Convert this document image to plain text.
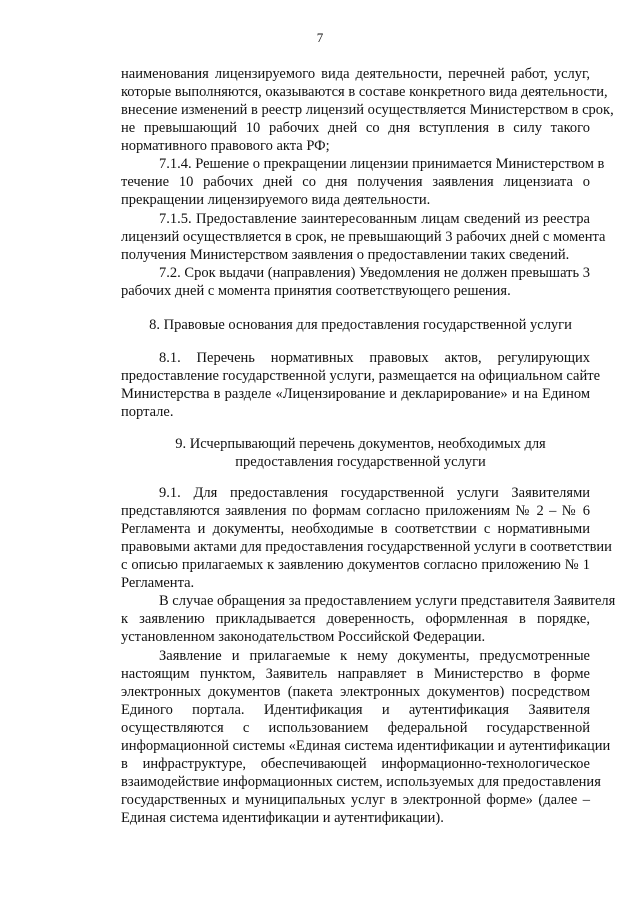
7
наименования лицензируемого вида деятельности, перечней работ, услуг,
которые выполняются, оказываются в составе конкретного вида деятельности,
внесение изменений в реестр лицензий осуществляется Министерством в срок,
не превышающий 10 рабочих дней со дня вступления в силу такого
нормативного правового акта РФ;
7.1.4. Решение о прекращении лицензии принимается Министерством в
течение 10 рабочих дней со дня получения заявления лицензиата о
прекращении лицензируемого вида деятельности.
7.1.5. Предоставление заинтересованным лицам сведений из реестра
лицензий осуществляется в срок, не превышающий 3 рабочих дней с момента
получения Министерством заявления о предоставлении таких сведений.
7.2. Срок выдачи (направления) Уведомления не должен превышать 3
рабочих дней с момента принятия соответствующего решения.
8. Правовые основания для предоставления государственной услуги
8.1. Перечень нормативных правовых актов, регулирующих
предоставление государственной услуги, размещается на официальном сайте
Министерства в разделе «Лицензирование и декларирование» и на Едином
портале.
9. Исчерпывающий перечень документов, необходимых для
предоставления государственной услуги
9.1. Для предоставления государственной услуги Заявителями
представляются заявления по формам согласно приложениям № 2 – № 6
Регламента и документы, необходимые в соответствии с нормативными
правовыми актами для предоставления государственной услуги в соответствии
с описью прилагаемых к заявлению документов согласно приложению № 1
Регламента.
В случае обращения за предоставлением услуги представителя Заявителя
к заявлению прикладывается доверенность, оформленная в порядке,
установленном законодательством Российской Федерации.
Заявление и прилагаемые к нему документы, предусмотренные
настоящим пунктом, Заявитель направляет в Министерство в форме
электронных документов (пакета электронных документов) посредством
Единого портала. Идентификация и аутентификация Заявителя
осуществляются с использованием федеральной государственной
информационной системы «Единая система идентификации и аутентификации
в инфраструктуре, обеспечивающей информационно-технологическое
взаимодействие информационных систем, используемых для предоставления
государственных и муниципальных услуг в электронной форме» (далее –
Единая система идентификации и аутентификации).
